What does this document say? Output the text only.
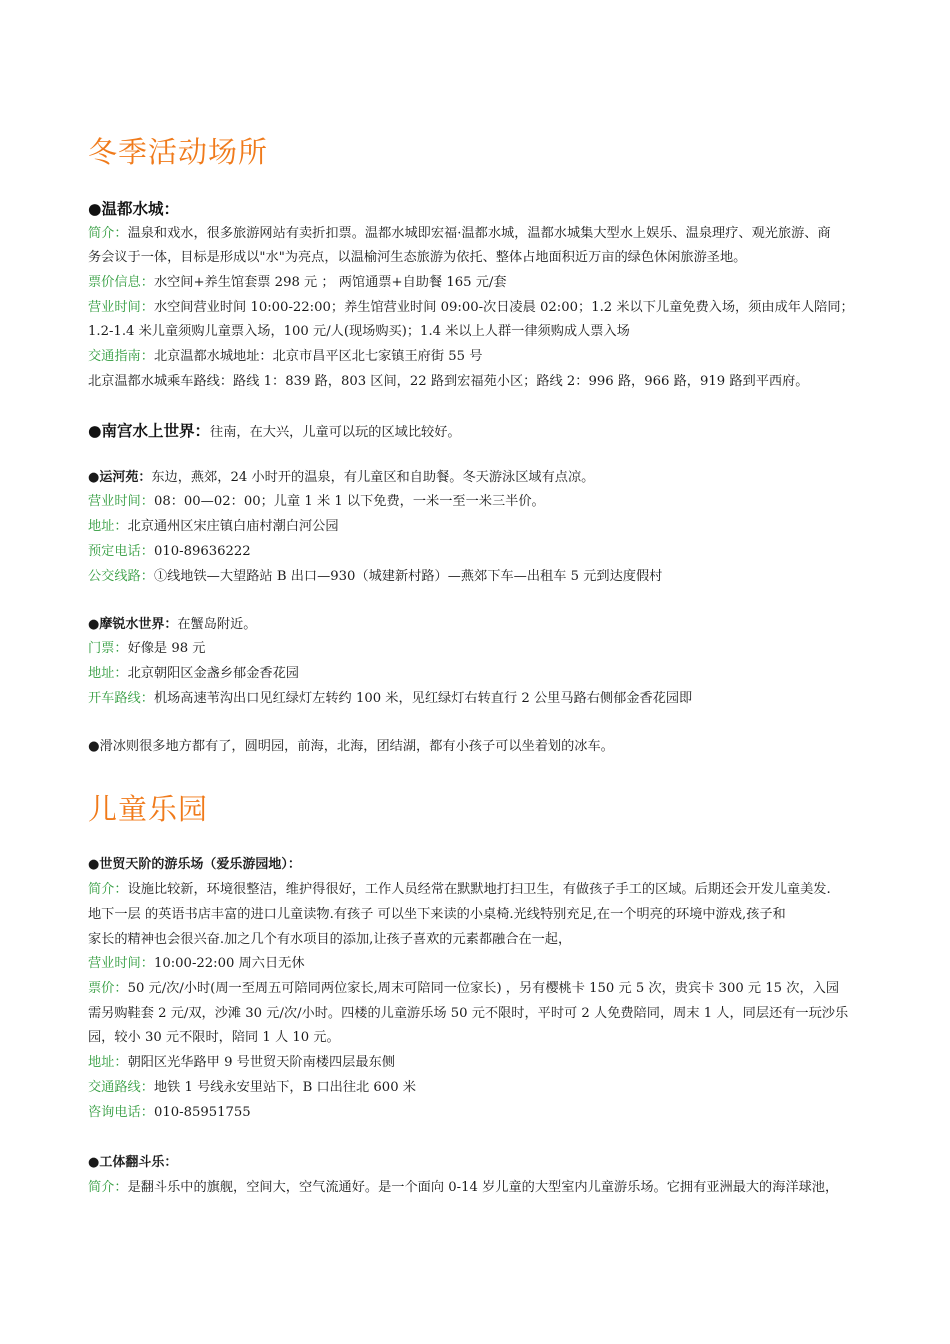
冬季活动场所
●温都水城：
简介：温泉和戏水，很多旅游网站有卖折扣票。温都水城即宏福·温都水城，温都水城集大型水上娱乐、温泉理疗、观光旅游、商
务会议于一体，目标是形成以"水"为亮点，以温榆河生态旅游为依托、整体占地面积近万亩的绿色休闲旅游圣地。
票价信息：水空间+养生馆套票 298 元 ； 两馆通票+自助餐 165 元/套
营业时间：水空间营业时间 10:00-22:00；养生馆营业时间 09:00-次日凌晨 02:00；1.2 米以下儿童免费入场，须由成年人陪同；
1.2-1.4 米儿童须购儿童票入场，100 元/人(现场购买)；1.4 米以上人群一律须购成人票入场
交通指南：北京温都水城地址：北京市昌平区北七家镇王府街 55 号
北京温都水城乘车路线：路线 1：839 路，803 区间，22 路到宏福苑小区；路线 2：996 路，966 路，919 路到平西府。
●南宫水上世界：往南，在大兴，儿童可以玩的区域比较好。
●运河苑：东边，燕郊，24 小时开的温泉，有儿童区和自助餐。冬天游泳区域有点凉。
营业时间：08：00—02：00；儿童 1 米 1 以下免费，一米一至一米三半价。
地址：北京通州区宋庄镇白庙村潮白河公园
预定电话：010-89636222
公交线路：①线地铁—大望路站 B 出口—930（城建新村路）—燕郊下车—出租车 5 元到达度假村
●摩锐水世界：在蟹岛附近。
门票：好像是 98 元
地址：北京朝阳区金盏乡郁金香花园
开车路线：机场高速苇沟出口见红绿灯左转约 100 米，见红绿灯右转直行 2 公里马路右侧郁金香花园即
●滑冰则很多地方都有了，圆明园，前海，北海，团结湖，都有小孩子可以坐着划的冰车。
儿童乐园
●世贸天阶的游乐场（爱乐游园地）：
简介：设施比较新，环境很整洁，维护得很好，工作人员经常在默默地打扫卫生，有做孩子手工的区域。后期还会开发儿童美发.
地下一层 的英语书店丰富的进口儿童读物.有孩子 可以坐下来读的小桌椅.光线特别充足,在一个明亮的环境中游戏,孩子和
家长的精神也会很兴奋.加之几个有水项目的添加,让孩子喜欢的元素都融合在一起，
营业时间：10:00-22:00 周六日无休
票价：50 元/次/小时(周一至周五可陪同两位家长,周末可陪同一位家长) ，另有樱桃卡 150 元 5 次，贵宾卡 300 元 15 次，入园
需另购鞋套 2 元/双，沙滩 30 元/次/小时。四楼的儿童游乐场 50 元不限时，平时可 2 人免费陪同，周末 1 人，同层还有一玩沙乐
园，较小 30 元不限时，陪同 1 人 10 元。
地址：朝阳区光华路甲 9 号世贸天阶南楼四层最东侧
交通路线：地铁 1 号线永安里站下，B 口出往北 600 米
咨询电话：010-85951755
●工体翻斗乐：
简介：是翻斗乐中的旗舰，空间大，空气流通好。是一个面向 0-14 岁儿童的大型室内儿童游乐场。它拥有亚洲最大的海洋球池，
